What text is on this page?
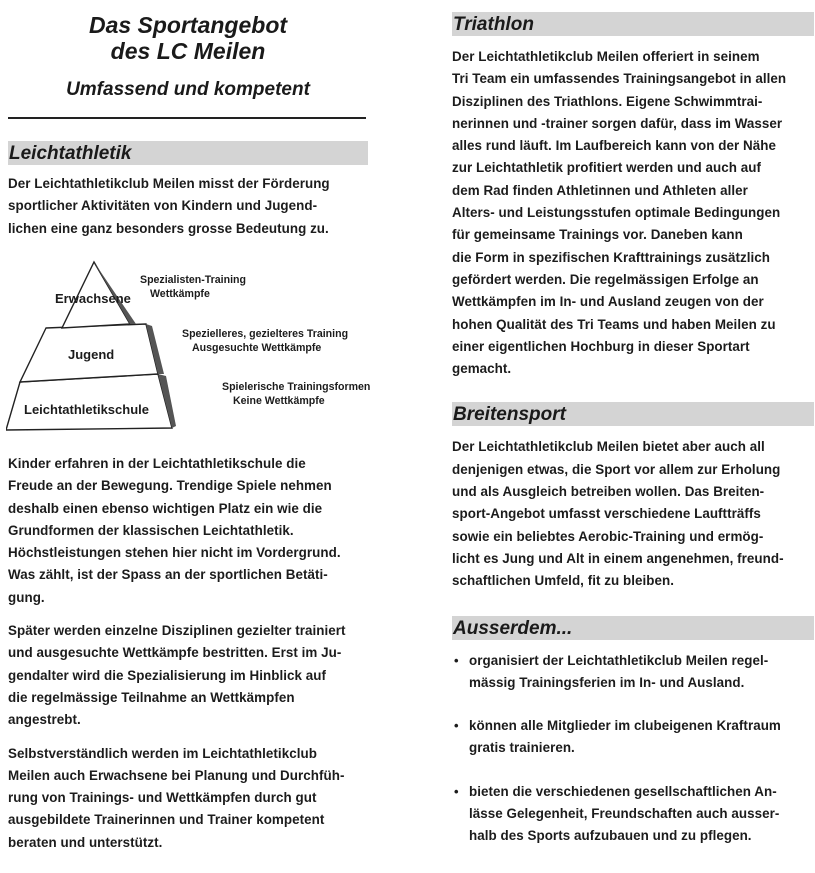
Das Sportangebot
des LC Meilen
Umfassend und kompetent
Leichtathletik

Der Leichtathletikclub Meilen misst der Förderung
sportlicher Aktivitäten von Kindern und Jugend-
lichen eine ganz besonders grosse Bedeutung zu.

Erwachsene
Jugend
Leichtathletikschule
Spezialisten-Training
Wettkämpfe
Spezielleres, gezielteres Training
Ausgesuchte Wettkämpfe
Spielerische Trainingsformen
Keine Wettkämpfe

Kinder erfahren in der Leichtathletikschule die
Freude an der Bewegung. Trendige Spiele nehmen
deshalb einen ebenso wichtigen Platz ein wie die
Grundformen der klassischen Leichtathletik.
Höchstleistungen stehen hier nicht im Vordergrund.
Was zählt, ist der Spass an der sportlichen Betäti-
gung.

Später werden einzelne Disziplinen gezielter trainiert
und ausgesuchte Wettkämpfe bestritten. Erst im Ju-
gendalter wird die Spezialisierung im Hinblick auf
die regelmässige Teilnahme an Wettkämpfen
angestrebt.

Selbstverständlich werden im Leichtathletikclub
Meilen auch Erwachsene bei Planung und Durchfüh-
rung von Trainings- und Wettkämpfen durch gut
ausgebildete Trainerinnen und Trainer kompetent
beraten und unterstützt.

Triathlon

Der Leichtathletikclub Meilen offeriert in seinem
Tri Team ein umfassendes Trainingsangebot in allen
Disziplinen des Triathlons. Eigene Schwimmtrai-
nerinnen und -trainer sorgen dafür, dass im Wasser
alles rund läuft. Im Laufbereich kann von der Nähe
zur Leichtathletik profitiert werden und auch auf
dem Rad finden Athletinnen und Athleten aller
Alters- und Leistungsstufen optimale Bedingungen
für gemeinsame Trainings vor. Daneben kann
die Form in spezifischen Krafttrainings zusätzlich
gefördert werden. Die regelmässigen Erfolge an
Wettkämpfen im In- und Ausland zeugen von der
hohen Qualität des Tri Teams und haben Meilen zu
einer eigentlichen Hochburg in dieser Sportart
gemacht.

Breitensport

Der Leichtathletikclub Meilen bietet aber auch all
denjenigen etwas, die Sport vor allem zur Erholung
und als Ausgleich betreiben wollen. Das Breiten-
sport-Angebot umfasst verschiedene Lauftträffs
sowie ein beliebtes Aerobic-Training und ermög-
licht es Jung und Alt in einem angenehmen, freund-
schaftlichen Umfeld, fit zu bleiben.

Ausserdem...
• organisiert der Leichtathletikclub Meilen regel-
mässig Trainingsferien im In- und Ausland.
• können alle Mitglieder im clubeigenen Kraftraum
gratis trainieren.
• bieten die verschiedenen gesellschaftlichen An-
lässe Gelegenheit, Freundschaften auch ausser-
halb des Sports aufzubauen und zu pflegen.
